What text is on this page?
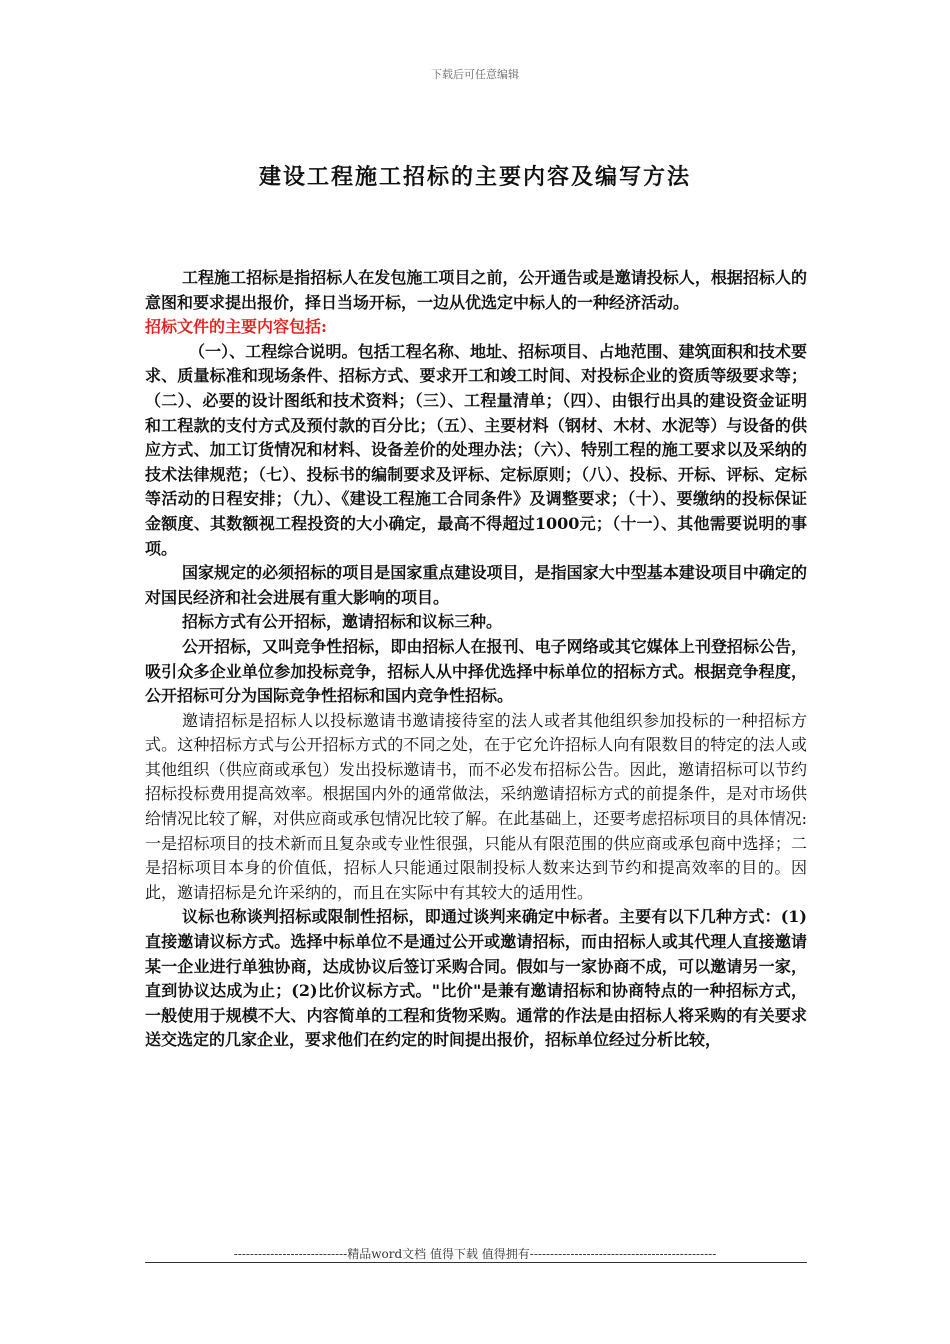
下载后可任意编辑
建设工程施工招标的主要内容及编写方法

工程施工招标是指招标人在发包施工项目之前，公开通告或是邀请投标人，根据招标人的意图和要求提出报价，择日当场开标，一边从优选定中标人的一种经济活动。

招标文件的主要内容包括:

（一）、工程综合说明。包括工程名称、地址、招标项目、占地范围、建筑面积和技术要求、质量标准和现场条件、招标方式、要求开工和竣工时间、对投标企业的资质等级要求等；（二）、必要的设计图纸和技术资料；（三）、工程量清单；（四）、由银行出具的建设资金证明和工程款的支付方式及预付款的百分比；（五）、主要材料（钢材、木材、水泥等）与设备的供应方式、加工订货情况和材料、设备差价的处理办法；（六）、特别工程的施工要求以及采纳的技术法律规范；（七）、投标书的编制要求及评标、定标原则；（八）、投标、开标、评标、定标等活动的日程安排；（九）、《建设工程施工合同条件》及调整要求；（十）、要缴纳的投标保证金额度、其数额视工程投资的大小确定，最高不得超过1000元；（十一）、其他需要说明的事项。

国家规定的必须招标的项目是国家重点建设项目，是指国家大中型基本建设项目中确定的对国民经济和社会进展有重大影响的项目。

招标方式有公开招标，邀请招标和议标三种。

公开招标，又叫竞争性招标，即由招标人在报刊、电子网络或其它媒体上刊登招标公告，吸引众多企业单位参加投标竞争，招标人从中择优选择中标单位的招标方式。根据竞争程度，公开招标可分为国际竞争性招标和国内竞争性招标。

邀请招标是招标人以投标邀请书邀请接待室的法人或者其他组织参加投标的一种招标方式。这种招标方式与公开招标方式的不同之处，在于它允许招标人向有限数目的特定的法人或其他组织（供应商或承包）发出投标邀请书，而不必发布招标公告。因此，邀请招标可以节约招标投标费用提高效率。根据国内外的通常做法，采纳邀请招标方式的前提条件，是对市场供给情况比较了解，对供应商或承包情况比较了解。在此基础上，还要考虑招标项目的具体情况:一是招标项目的技术新而且复杂或专业性很强，只能从有限范围的供应商或承包商中选择；二是招标项目本身的价值低，招标人只能通过限制投标人数来达到节约和提高效率的目的。因此，邀请招标是允许采纳的，而且在实际中有其较大的适用性。

议标也称谈判招标或限制性招标，即通过谈判来确定中标者。主要有以下几种方式：(1)直接邀请议标方式。选择中标单位不是通过公开或邀请招标，而由招标人或其代理人直接邀请某一企业进行单独协商，达成协议后签订采购合同。假如与一家协商不成，可以邀请另一家，直到协议达成为止；(2)比价议标方式。"比价"是兼有邀请招标和协商特点的一种招标方式，一般使用于规模不大、内容简单的工程和货物采购。通常的作法是由招标人将采购的有关要求送交选定的几家企业，要求他们在约定的时间提出报价，招标单位经过分析比较，

----------------------------精品word文档 值得下载 值得拥有----------------------------------------------
